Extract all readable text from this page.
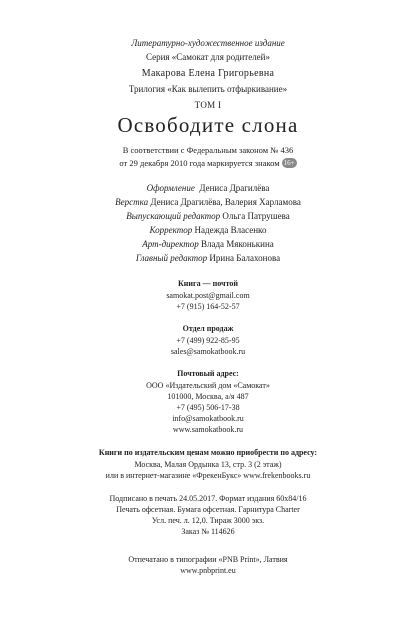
Литературно-художественное издание
Серия «Самокат для родителей»
Макарова Елена Григорьевна
Трилогия «Как вылепить отфыркивание»
ТОМ I
Освободите слона
В соответствии с Федеральным законом № 436
от 29 декабря 2010 года маркируется знаком 16+
Оформление Дениса Драгилёва
Верстка Дениса Драгилёва, Валерия Харламова
Выпускающий редактор Ольга Патрушева
Корректор Надежда Власенко
Арт-директор Влада Мяконькина
Главный редактор Ирина Балахонова
Книга — почтой
samokat.post@gmail.com
+7 (915) 164-52-57
Отдел продаж
+7 (499) 922-85-95
sales@samokatbook.ru
Почтовый адрес:
ООО «Издательский дом «Самокат»
101000, Москва, а/я 487
+7 (495) 506-17-38
info@samokatbook.ru
www.samokatbook.ru
Книги по издательским ценам можно приобрести по адресу:
Москва, Малая Ордынка 13, стр. 3 (2 этаж)
или в интернет-магазине «ФрекенБукс» www.frekenbooks.ru
Подписано в печать 24.05.2017. Формат издания 60х84/16
Печать офсетная. Бумага офсетная. Гарнитура Charter
Усл. печ. л. 12,0. Тираж 3000 экз.
Заказ № 114626
Отпечатано в типографии «PNB Print», Латвия
www.pnbprint.eu
